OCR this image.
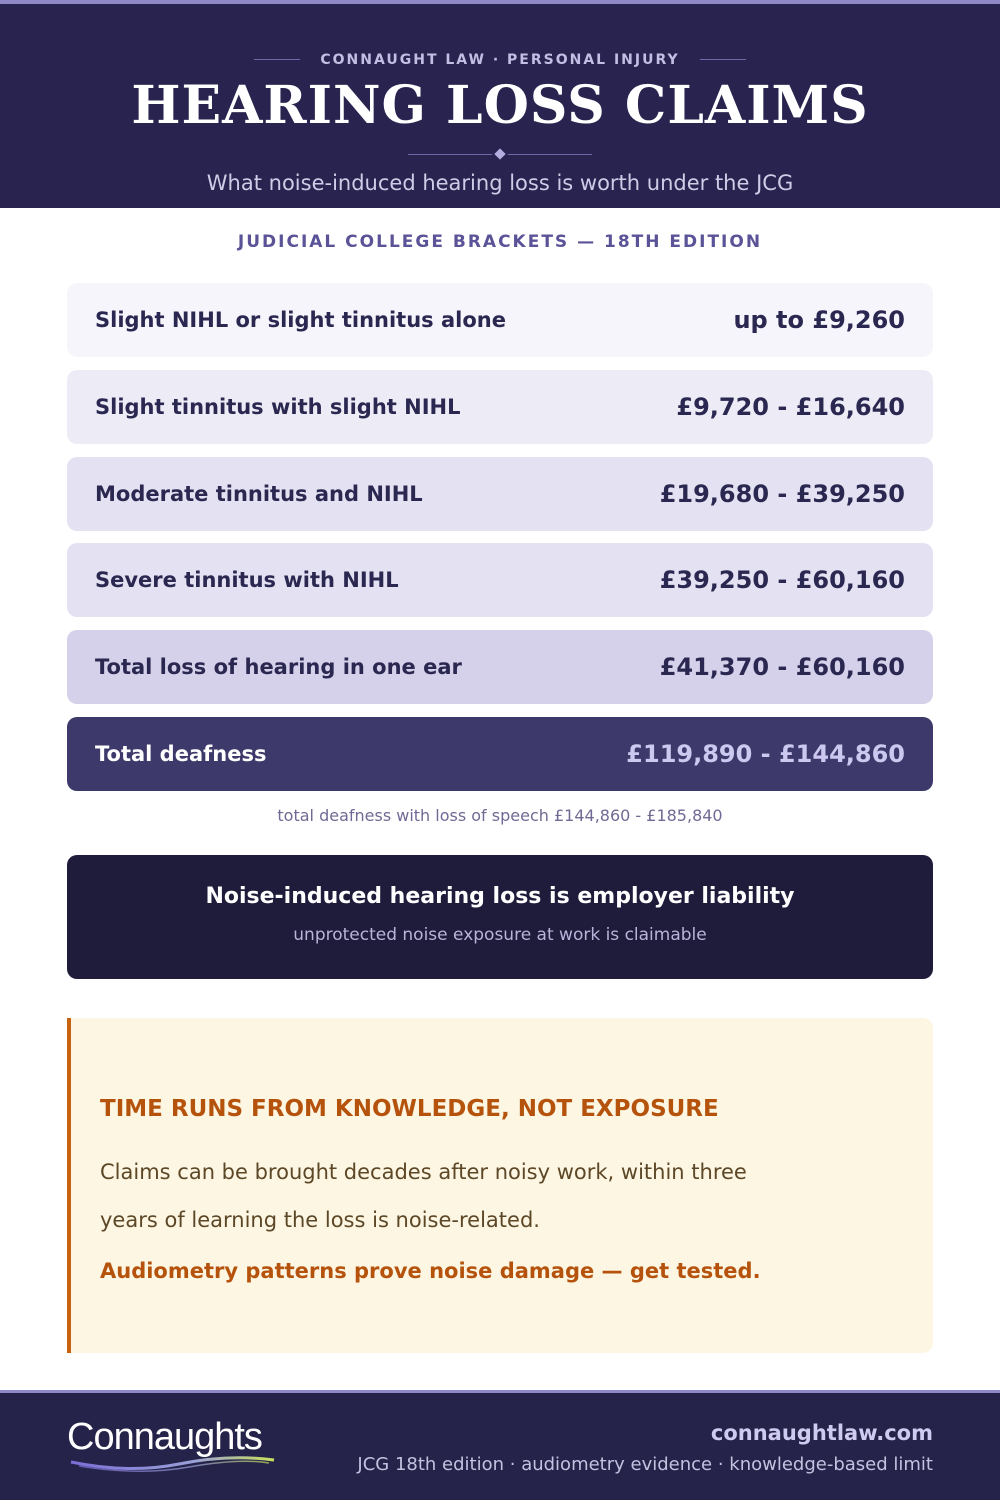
CONNAUGHT LAW · PERSONAL INJURY
HEARING LOSS CLAIMS
What noise-induced hearing loss is worth under the JCG
JUDICIAL COLLEGE BRACKETS — 18TH EDITION
Slight NIHL or slight tinnitus alone	up to £9,260
Slight tinnitus with slight NIHL	£9,720 - £16,640
Moderate tinnitus and NIHL	£19,680 - £39,250
Severe tinnitus with NIHL	£39,250 - £60,160
Total loss of hearing in one ear	£41,370 - £60,160
Total deafness	£119,890 - £144,860
total deafness with loss of speech £144,860 - £185,840
Noise-induced hearing loss is employer liability
unprotected noise exposure at work is claimable
TIME RUNS FROM KNOWLEDGE, NOT EXPOSURE
Claims can be brought decades after noisy work, within three years of learning the loss is noise-related.
Audiometry patterns prove noise damage — get tested.
Connaughts	connaughtlaw.com
JCG 18th edition · audiometry evidence · knowledge-based limit
